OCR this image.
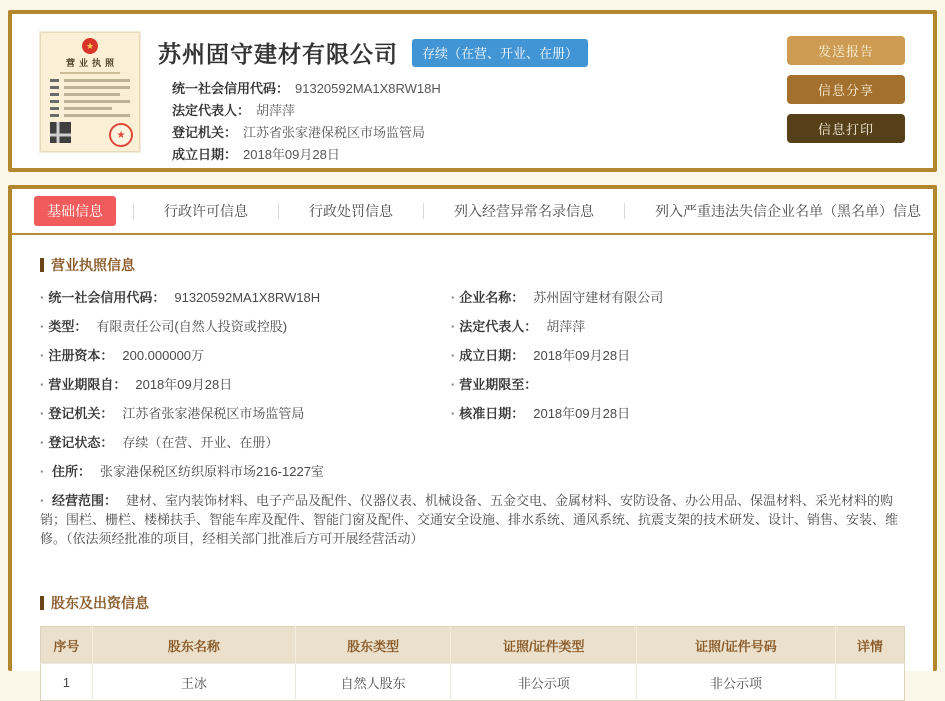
★
营业执照
★
苏州固守建材有限公司	存续（在营、开业、在册）
统一社会信用代码： 91320592MA1X8RW18H
法定代表人： 胡萍萍
登记机关： 江苏省张家港保税区市场监管局
成立日期： 2018年09月28日
发送报告
信息分享
信息打印
基础信息	行政许可信息	行政处罚信息	列入经营异常名录信息	列入严重违法失信企业名单（黑名单）信息
营业执照信息
· 统一社会信用代码： 91320592MA1X8RW18H	· 企业名称： 苏州固守建材有限公司
· 类型： 有限责任公司(自然人投资或控股)	· 法定代表人： 胡萍萍
· 注册资本： 200.000000万	· 成立日期： 2018年09月28日
· 营业期限自： 2018年09月28日	· 营业期限至：
· 登记机关： 江苏省张家港保税区市场监管局	· 核准日期： 2018年09月28日
· 登记状态： 存续（在营、开业、在册）
· 住所： 张家港保税区纺织原料市场216-1227室
· 经营范围： 建材、室内装饰材料、电子产品及配件、仪器仪表、机械设备、五金交电、金属材料、安防设备、办公用品、保温材料、采光材料的购销；围栏、栅栏、楼梯扶手、智能车库及配件、智能门窗及配件、交通安全设施、排水系统、通风系统、抗震支架的技术研发、设计、销售、安装、维修。（依法须经批准的项目，经相关部门批准后方可开展经营活动）
股东及出资信息
序号	股东名称	股东类型	证照/证件类型	证照/证件号码	详情
1	王冰	自然人股东	非公示项	非公示项	
